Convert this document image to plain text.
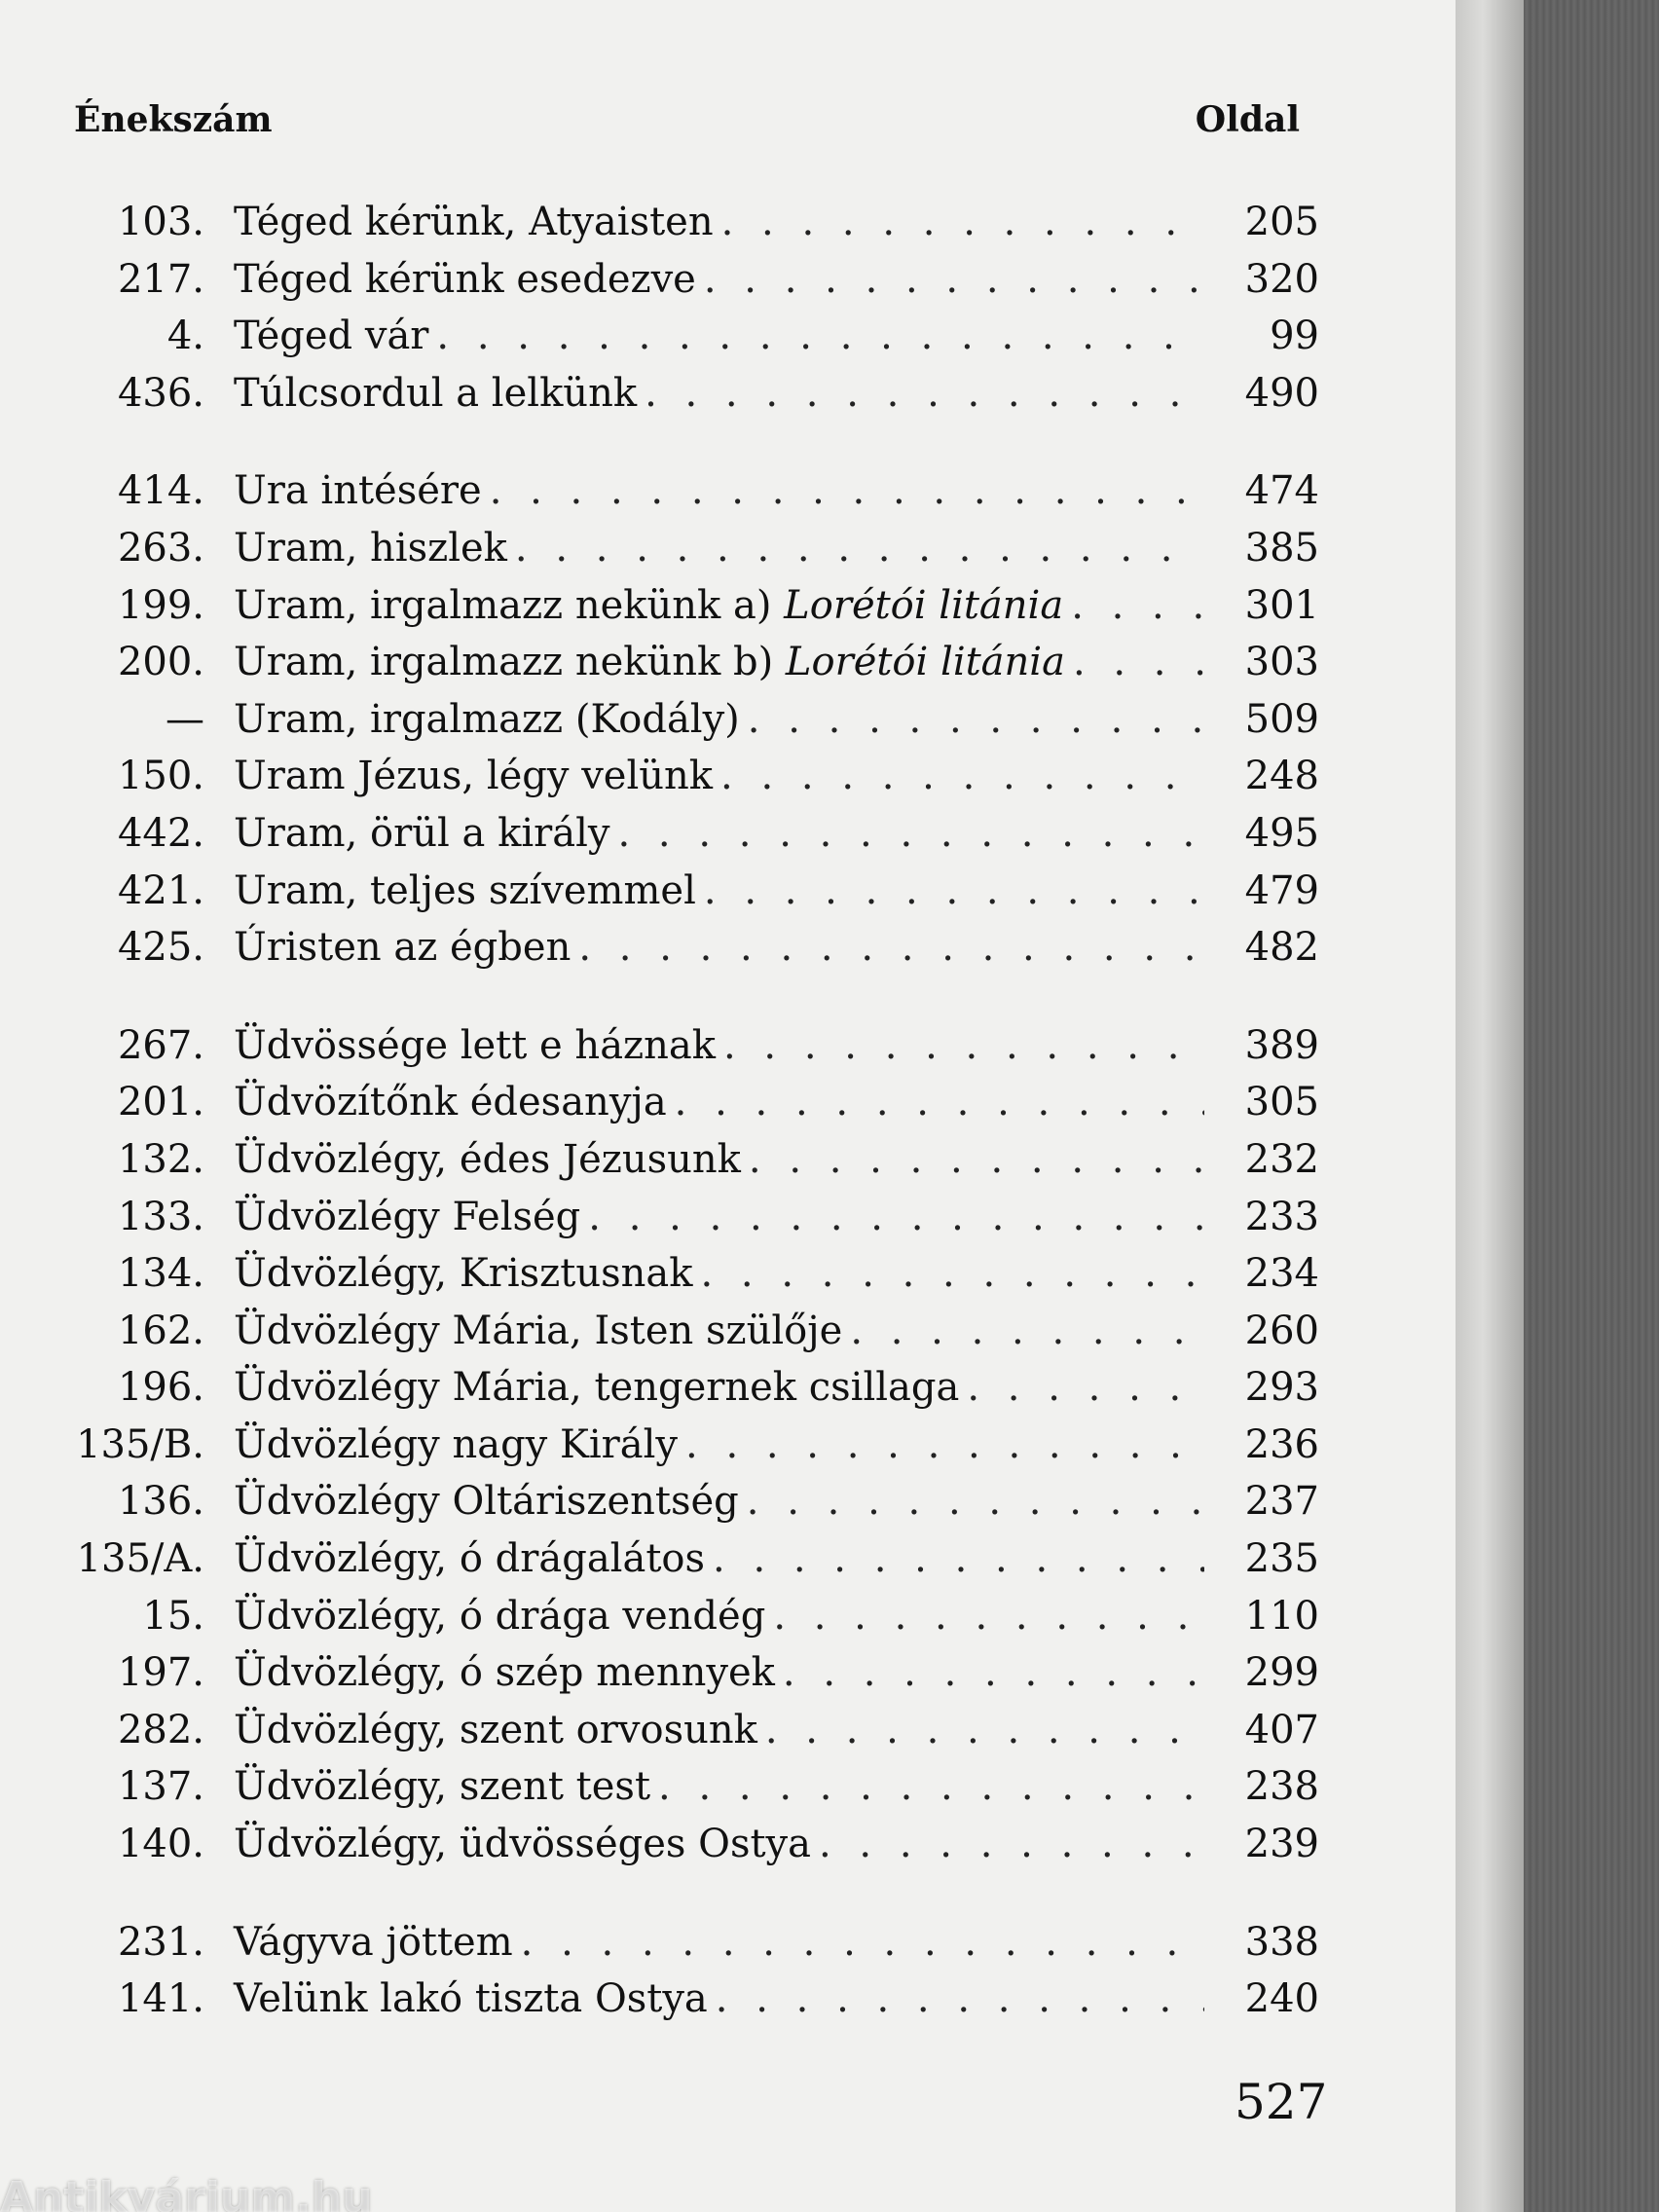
Énekszám	Oldal
103. Téged kérünk, Atyaisten . . .	205
217. Téged kérünk esedezve . . .	320
4. Téged vár . . .	99
436. Túlcsordul a lelkünk . . .	490
414. Ura intésére . . .	474
263. Uram, hiszlek . . .	385
199. Uram, irgalmazz nekünk a) Lorétói litánia . . .	301
200. Uram, irgalmazz nekünk b) Lorétói litánia . . .	303
— Uram, irgalmazz (Kodály) . . .	509
150. Uram Jézus, légy velünk . . .	248
442. Uram, örül a király . . .	495
421. Uram, teljes szívemmel . . .	479
425. Úristen az égben . . .	482
267. Üdvössége lett e háznak . . .	389
201. Üdvözítőnk édesanyja . . .	305
132. Üdvözlégy, édes Jézusunk . . .	232
133. Üdvözlégy Felség . . .	233
134. Üdvözlégy, Krisztusnak . . .	234
162. Üdvözlégy Mária, Isten szülője . . .	260
196. Üdvözlégy Mária, tengernek csillaga . . .	293
135/B. Üdvözlégy nagy Király . . .	236
136. Üdvözlégy Oltáriszentség . . .	237
135/A. Üdvözlégy, ó drágalátos . . .	235
15. Üdvözlégy, ó drága vendég . . .	110
197. Üdvözlégy, ó szép mennyek . . .	299
282. Üdvözlégy, szent orvosunk . . .	407
137. Üdvözlégy, szent test . . .	238
140. Üdvözlégy, üdvösséges Ostya . . .	239
231. Vágyva jöttem . . .	338
141. Velünk lakó tiszta Ostya . . .	240
527
Antikvárium.hu
